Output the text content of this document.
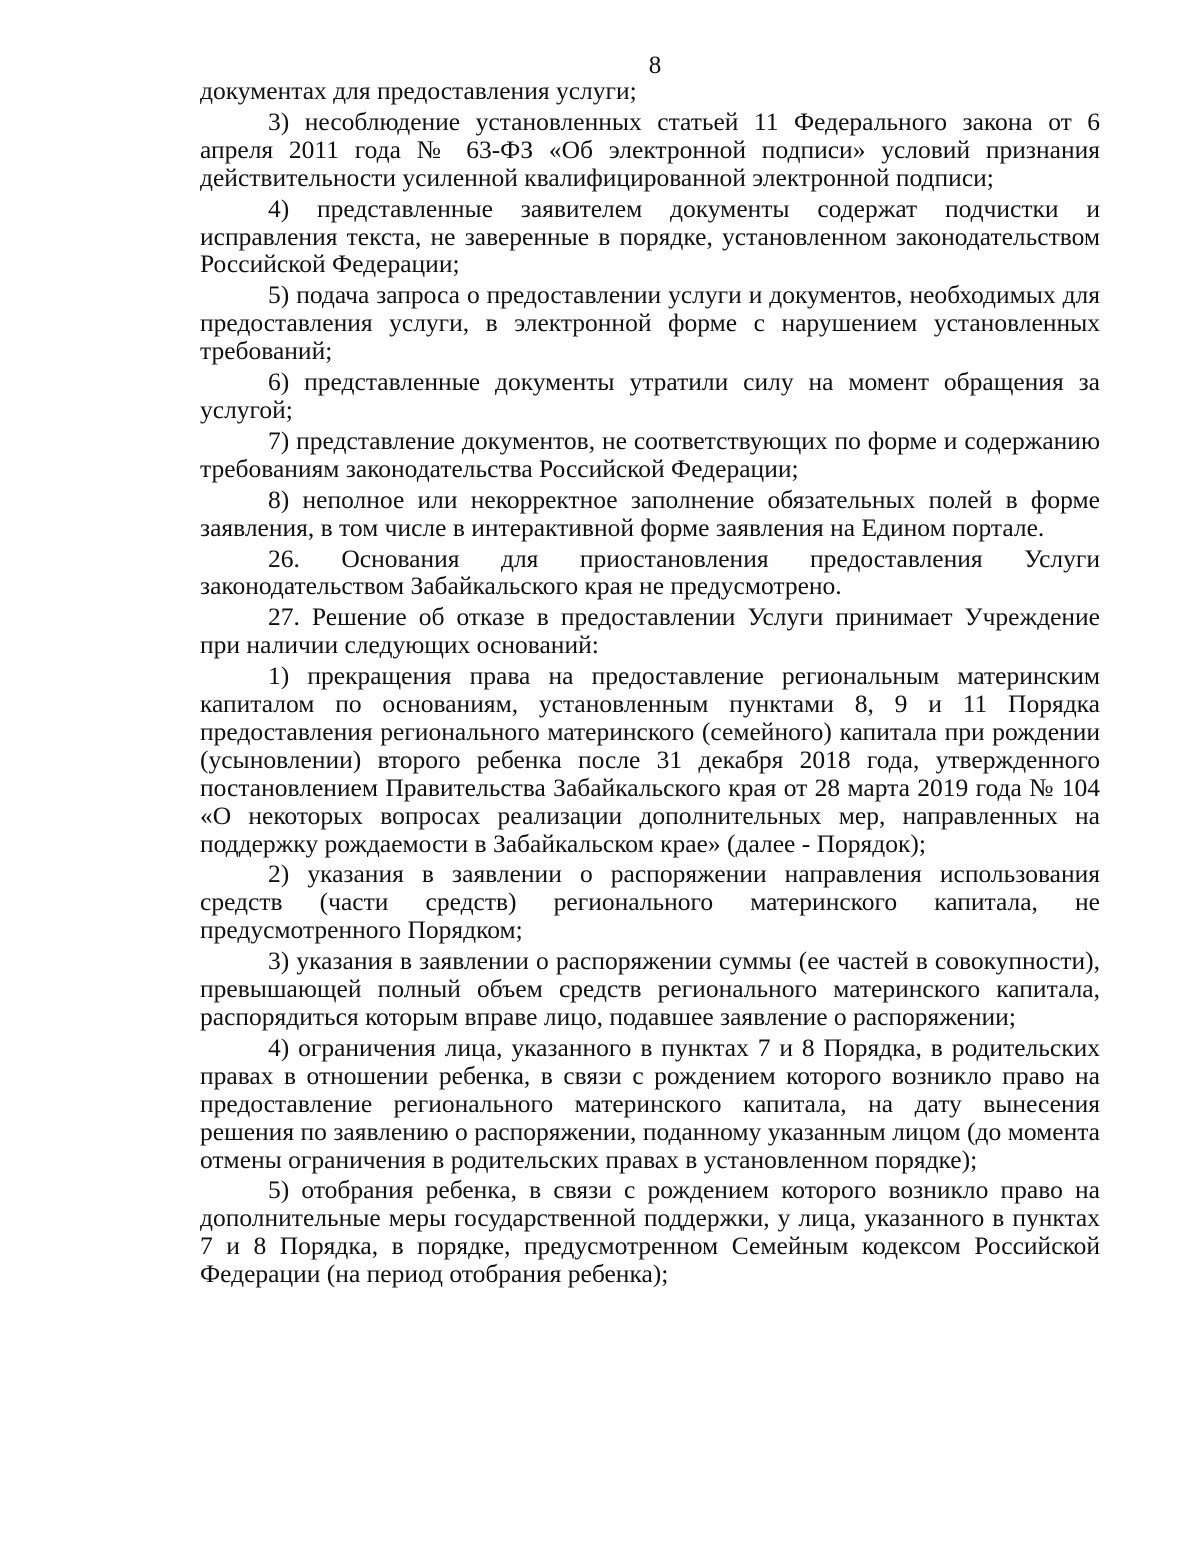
8

документах для предоставления услуги;

3) несоблюдение установленных статьей 11 Федерального закона от 6 апреля 2011 года № 63-ФЗ «Об электронной подписи» условий признания действительности усиленной квалифицированной электронной подписи;

4) представленные заявителем документы содержат подчистки и исправления текста, не заверенные в порядке, установленном законодательством Российской Федерации;

5) подача запроса о предоставлении услуги и документов, необходимых для предоставления услуги, в электронной форме с нарушением установленных требований;

6) представленные документы утратили силу на момент обращения за услугой;

7) представление документов, не соответствующих по форме и содержанию требованиям законодательства Российской Федерации;

8) неполное или некорректное заполнение обязательных полей в форме заявления, в том числе в интерактивной форме заявления на Едином портале.

26. Основания для приостановления предоставления Услуги законодательством Забайкальского края не предусмотрено.

27. Решение об отказе в предоставлении Услуги принимает Учреждение при наличии следующих оснований:

1) прекращения права на предоставление региональным материнским капиталом по основаниям, установленным пунктами 8, 9 и 11 Порядка предоставления регионального материнского (семейного) капитала при рождении (усыновлении) второго ребенка после 31 декабря 2018 года, утвержденного постановлением Правительства Забайкальского края от 28 марта 2019 года № 104 «О некоторых вопросах реализации дополнительных мер, направленных на поддержку рождаемости в Забайкальском крае» (далее - Порядок);

2) указания в заявлении о распоряжении направления использования средств (части средств) регионального материнского капитала, не предусмотренного Порядком;

3) указания в заявлении о распоряжении суммы (ее частей в совокупности), превышающей полный объем средств регионального материнского капитала, распорядиться которым вправе лицо, подавшее заявление о распоряжении;

4) ограничения лица, указанного в пунктах 7 и 8 Порядка, в родительских правах в отношении ребенка, в связи с рождением которого возникло право на предоставление регионального материнского капитала, на дату вынесения решения по заявлению о распоряжении, поданному указанным лицом (до момента отмены ограничения в родительских правах в установленном порядке);

5) отобрания ребенка, в связи с рождением которого возникло право на дополнительные меры государственной поддержки, у лица, указанного в пунктах 7 и 8 Порядка, в порядке, предусмотренном Семейным кодексом Российской Федерации (на период отобрания ребенка);
